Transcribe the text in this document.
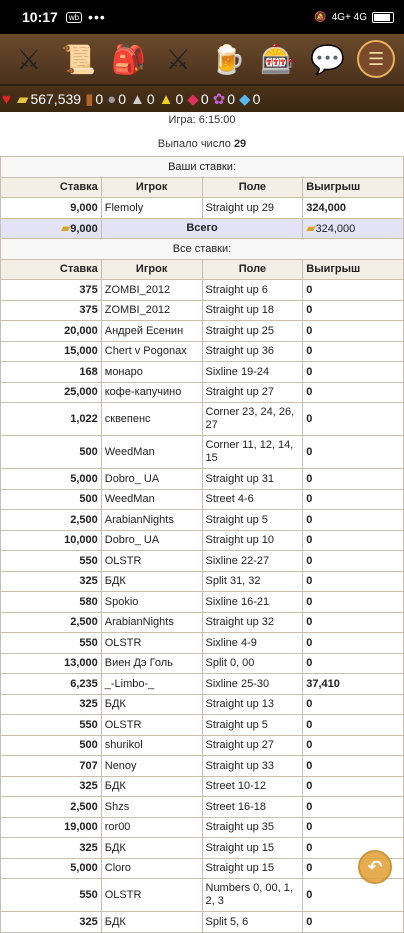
10:17	wb •••	🔕 4G+ 4G
⚔ 📜 🎒 ⚔ 🍺 🎰 💬	☰
♥ ▰ 567,539 ▮ 0 ● 0 ▲ 0 ▲ 0 ◆ 0 ✿ 0 ◆ 0
Игра: 6:15:00
Выпало число 29
Ваши ставки:			
Ставка	Игрок	Поле	Выигрыш
9,000	Flemoly	Straight up 29	324,000
▰9,000	Всего		▰324,000
Все ставки:			
Ставка	Игрок	Поле	Выигрыш
375	ZOMBI_2012	Straight up 6	0
375	ZOMBI_2012	Straight up 18	0
20,000	Андрей Есенин	Straight up 25	0
15,000	Chert v Pogonax	Straight up 36	0
168	монаро	Sixline 19-24	0
25,000	кофе-капучино	Straight up 27	0
1,022	сквепенс	Corner 23, 24, 26, 27	0
500	WeedMan	Corner 11, 12, 14, 15	0
5,000	Dobro_ UA	Straight up 31	0
500	WeedMan	Street 4-6	0
2,500	ArabianNights	Straight up 5	0
10,000	Dobro_ UA	Straight up 10	0
550	OLSTR	Sixline 22-27	0
325	БДК	Split 31, 32	0
580	Spokio	Sixline 16-21	0
2,500	ArabianNights	Straight up 32	0
550	OLSTR	Sixline 4-9	0
13,000	Виен Дэ Голь	Split 0, 00	0
6,235	_-Limbo-_	Sixline 25-30	37,410
325	БДК	Straight up 13	0
550	OLSTR	Straight up 5	0
500	shurikol	Straight up 27	0
707	Nenoy	Straight up 33	0
325	БДК	Street 10-12	0
2,500	Shzs	Street 16-18	0
19,000	ror00	Straight up 35	0
325	БДК	Straight up 15	0
5,000	Cloro	Straight up 15	0
550	OLSTR	Numbers 0, 00, 1, 2, 3	0
325	БДК	Split 5, 6	0
↶
